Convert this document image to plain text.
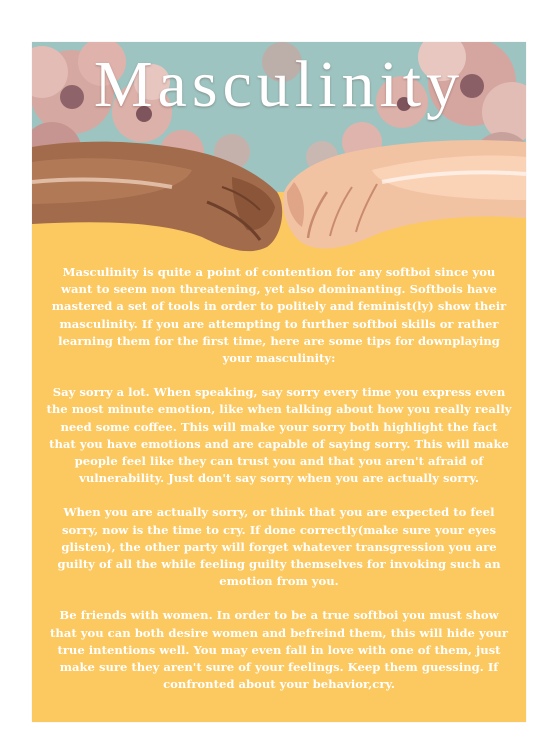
Masculinity

Masculinity is quite a point of contention for any softboi since you want to seem non threatening, yet also dominanting. Softbois have mastered a set of tools in order to politely and feminist(ly) show their masculinity. If you are attempting to further softboi skills or rather learning them for the first time, here are some tips for downplaying your masculinity:

Say sorry a lot. When speaking, say sorry every time you express even the most minute emotion, like when talking about how you really really need some coffee. This will make your sorry both highlight the fact that you have emotions and are capable of saying sorry. This will make people feel like they can trust you and that you aren't afraid of vulnerability. Just don't say sorry when you are actually sorry.

When you are actually sorry, or think that you are expected to feel sorry, now is the time to cry. If done correctly(make sure your eyes glisten), the other party will forget whatever transgression you are guilty of all the while feeling guilty themselves for invoking such an emotion from you.

Be friends with women. In order to be a true softboi you must show that you can both desire women and befreind them, this will hide your true intentions well. You may even fall in love with one of them, just make sure they aren't sure of your feelings. Keep them guessing. If confronted about your behavior,cry.
